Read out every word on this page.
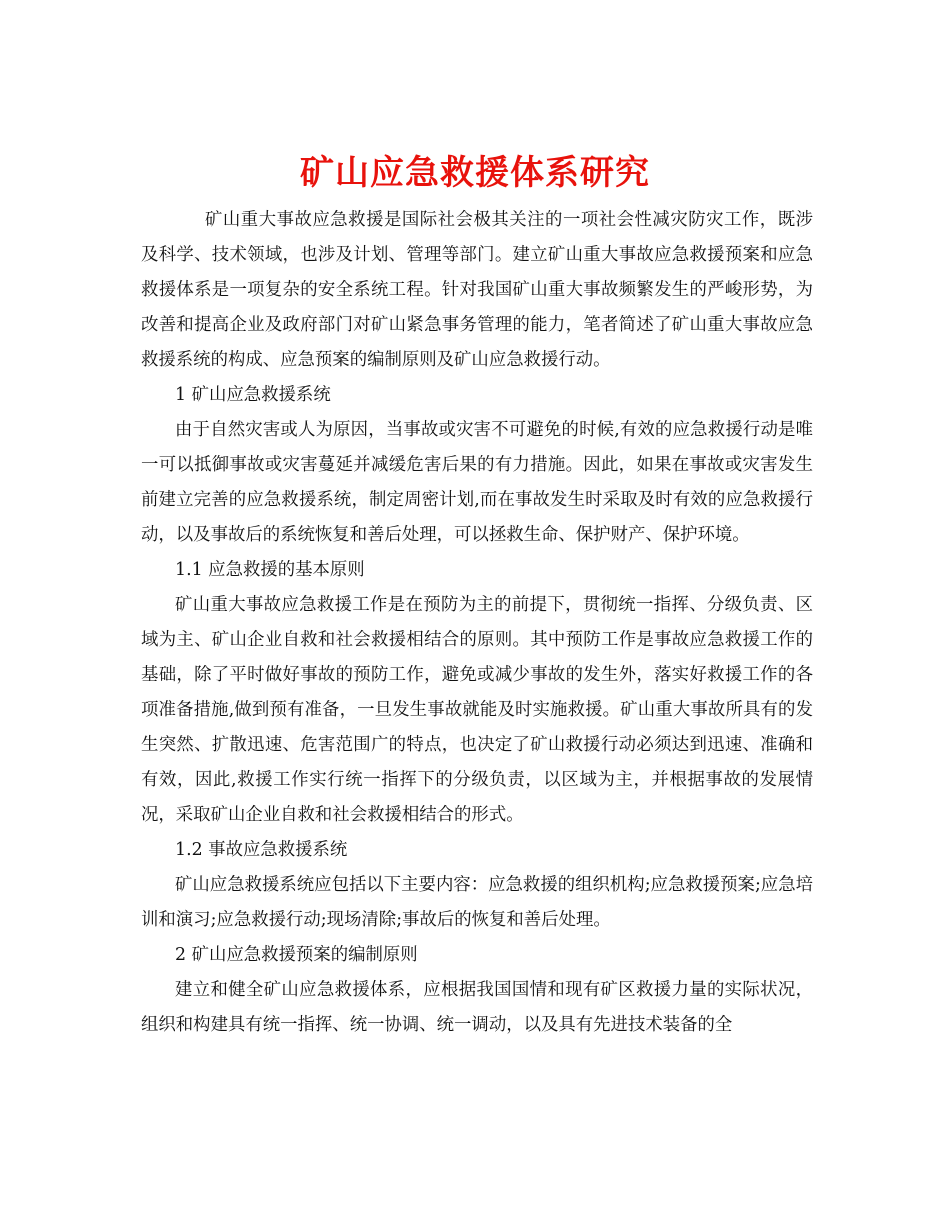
矿山应急救援体系研究

矿山重大事故应急救援是国际社会极其关注的一项社会性减灾防灾工作，既涉及科学、技术领域，也涉及计划、管理等部门。建立矿山重大事故应急救援预案和应急救援体系是一项复杂的安全系统工程。针对我国矿山重大事故频繁发生的严峻形势，为改善和提高企业及政府部门对矿山紧急事务管理的能力，笔者简述了矿山重大事故应急救援系统的构成、应急预案的编制原则及矿山应急救援行动。

1 矿山应急救援系统

由于自然灾害或人为原因，当事故或灾害不可避免的时候,有效的应急救援行动是唯一可以抵御事故或灾害蔓延并减缓危害后果的有力措施。因此，如果在事故或灾害发生前建立完善的应急救援系统，制定周密计划,而在事故发生时采取及时有效的应急救援行动，以及事故后的系统恢复和善后处理，可以拯救生命、保护财产、保护环境。

1.1 应急救援的基本原则

矿山重大事故应急救援工作是在预防为主的前提下，贯彻统一指挥、分级负责、区域为主、矿山企业自救和社会救援相结合的原则。其中预防工作是事故应急救援工作的基础，除了平时做好事故的预防工作，避免或减少事故的发生外，落实好救援工作的各项准备措施,做到预有准备，一旦发生事故就能及时实施救援。矿山重大事故所具有的发生突然、扩散迅速、危害范围广的特点，也决定了矿山救援行动必须达到迅速、准确和有效，因此,救援工作实行统一指挥下的分级负责，以区域为主，并根据事故的发展情况，采取矿山企业自救和社会救援相结合的形式。

1.2 事故应急救援系统

矿山应急救援系统应包括以下主要内容：应急救援的组织机构;应急救援预案;应急培训和演习;应急救援行动;现场清除;事故后的恢复和善后处理。

2 矿山应急救援预案的编制原则

建立和健全矿山应急救援体系，应根据我国国情和现有矿区救援力量的实际状况，组织和构建具有统一指挥、统一协调、统一调动，以及具有先进技术装备的全
